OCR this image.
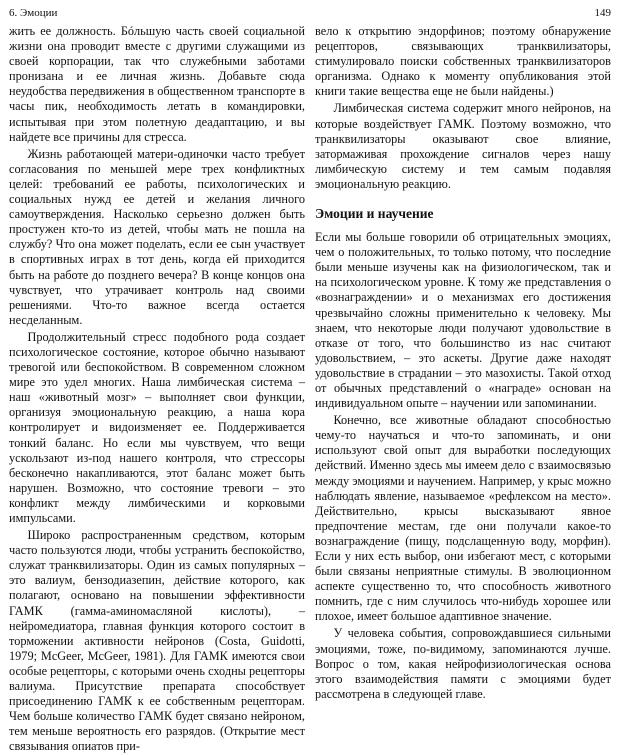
6. Эмоции	149

жить ее должность. Бóльшую часть своей социальной жизни она проводит вместе с другими служащими из своей корпорации, так что служебными заботами пронизана и ее личная жизнь. Добавьте сюда неудобства передвижения в общественном транспорте в часы пик, необходимость летать в командировки, испытывая при этом полетную деадаптацию, и вы найдете все причины для стресса.

Жизнь работающей матери-одиночки часто требует согласования по меньшей мере трех конфликтных целей: требований ее работы, психологических и социальных нужд ее детей и желания личного самоутверждения. Насколько серьезно должен быть простужен кто-то из детей, чтобы мать не пошла на службу? Что она может поделать, если ее сын участвует в спортивных играх в тот день, когда ей приходится быть на работе до позднего вечера? В конце концов она чувствует, что утрачивает контроль над своими решениями. Что-то важное всегда остается несделанным.

Продолжительный стресс подобного рода создает психологическое состояние, которое обычно называют тревогой или беспокойством. В современном сложном мире это удел многих. Наша лимбическая система – наш «животный мозг» – выполняет свои функции, организуя эмоциональную реакцию, а наша кора контролирует и видоизменяет ее. Поддерживается тонкий баланс. Но если мы чувствуем, что вещи ускользают из-под нашего контроля, что стрессоры бесконечно накапливаются, этот баланс может быть нарушен. Возможно, что состояние тревоги – это конфликт между лимбическими и корковыми импульсами.

Широко распространенным средством, которым часто пользуются люди, чтобы устранить беспокойство, служат транквилизаторы. Один из самых популярных – это валиум, бензодиазепин, действие которого, как полагают, основано на повышении эффективности ГАМК (гамма-аминомасляной кислоты), – нейромедиатора, главная функция которого состоит в торможении активности нейронов (Costa, Guidotti, 1979; McGeer, McGeer, 1981). Для ГАМК имеются свои особые рецепторы, с которыми очень сходны рецепторы валиума. Присутствие препарата способствует присоединению ГАМК к ее собственным рецепторам. Чем больше количество ГАМК будет связано нейроном, тем меньше вероятность его разрядов. (Открытие мест связывания опиатов при-

вело к открытию эндорфинов; поэтому обнаружение рецепторов, связывающих транквилизаторы, стимулировало поиски собственных транквилизаторов организма. Однако к моменту опубликования этой книги такие вещества еще не были найдены.)

Лимбическая система содержит много нейронов, на которые воздействует ГАМК. Поэтому возможно, что транквилизаторы оказывают свое влияние, затормаживая прохождение сигналов через нашу лимбическую систему и тем самым подавляя эмоциональную реакцию.

Эмоции и научение

Если мы больше говорили об отрицательных эмоциях, чем о положительных, то только потому, что последние были меньше изучены как на физиологическом, так и на психологическом уровне. К тому же представления о «вознаграждении» и о механизмах его достижения чрезвычайно сложны применительно к человеку. Мы знаем, что некоторые люди получают удовольствие в отказе от того, что большинство из нас считают удовольствием, – это аскеты. Другие даже находят удовольствие в страдании – это мазохисты. Такой отход от обычных представлений о «награде» основан на индивидуальном опыте – научении или запоминании.

Конечно, все животные обладают способностью чему-то научаться и что-то запоминать, и они используют свой опыт для выработки последующих действий. Именно здесь мы имеем дело с взаимосвязью между эмоциями и научением. Например, у крыс можно наблюдать явление, называемое «рефлексом на место». Действительно, крысы высказывают явное предпочтение местам, где они получали какое-то вознаграждение (пищу, подслащенную воду, морфин). Если у них есть выбор, они избегают мест, с которыми были связаны неприятные стимулы. В эволюционном аспекте существенно то, что способность животного помнить, где с ним случилось что-нибудь хорошее или плохое, имеет большое адаптивное значение.

У человека события, сопровождавшиеся сильными эмоциями, тоже, по-видимому, запоминаются лучше. Вопрос о том, какая нейрофизиологическая основа этого взаимодействия памяти с эмоциями будет рассмотрена в следующей главе.
